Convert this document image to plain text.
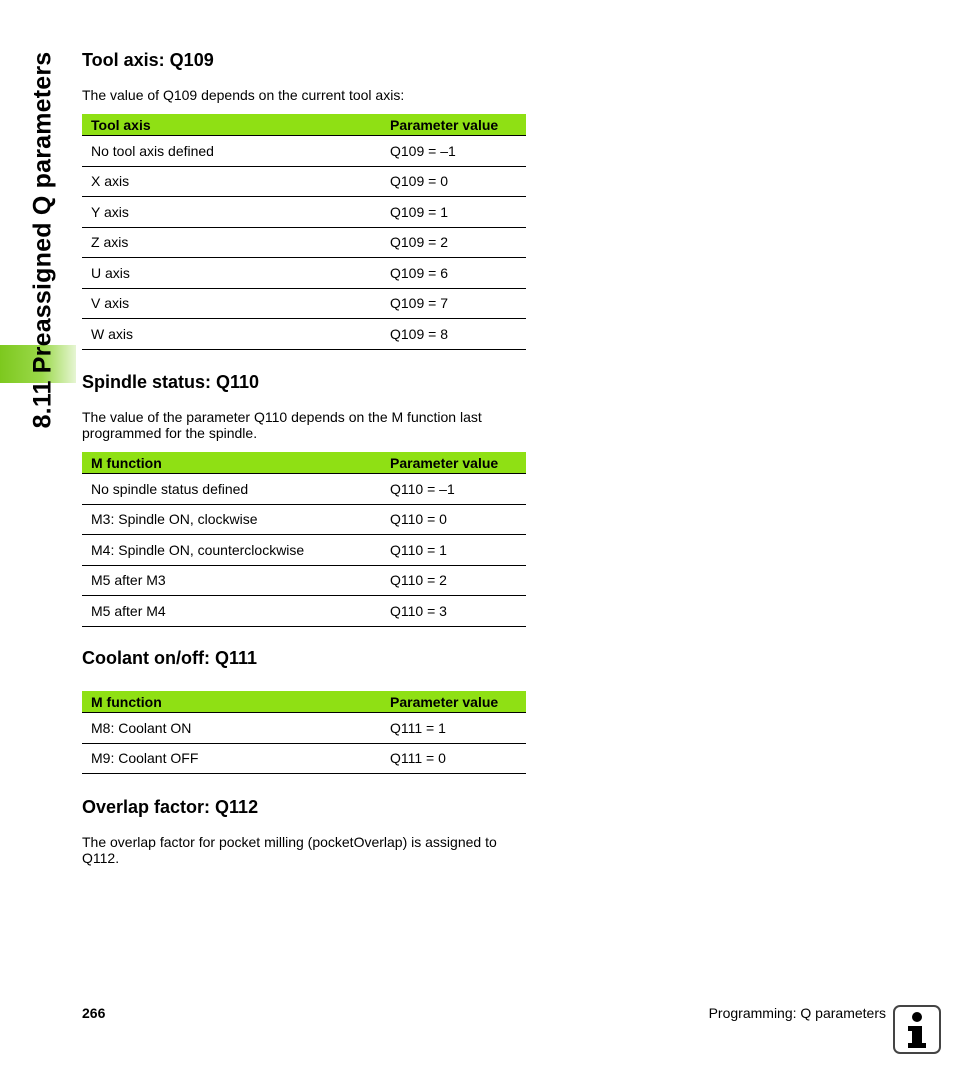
8.11 Preassigned Q parameters Tool axis: Q109

The value of Q109 depends on the current tool axis:

Tool axis	Parameter value
No tool axis defined	Q109 = –1
X axis	Q109 = 0
Y axis	Q109 = 1
Z axis	Q109 = 2
U axis	Q109 = 6
V axis	Q109 = 7
W axis	Q109 = 8
Spindle status: Q110

The value of the parameter Q110 depends on the M function last programmed for the spindle.

M function	Parameter value
No spindle status defined	Q110 = –1
M3: Spindle ON, clockwise	Q110 = 0
M4: Spindle ON, counterclockwise	Q110 = 1
M5 after M3	Q110 = 2
M5 after M4	Q110 = 3
Coolant on/off: Q111
M function	Parameter value
M8: Coolant ON	Q111 = 1
M9: Coolant OFF	Q111 = 0
Overlap factor: Q112

The overlap factor for pocket milling (pocketOverlap) is assigned to Q112.

266	Programming: Q parameters
